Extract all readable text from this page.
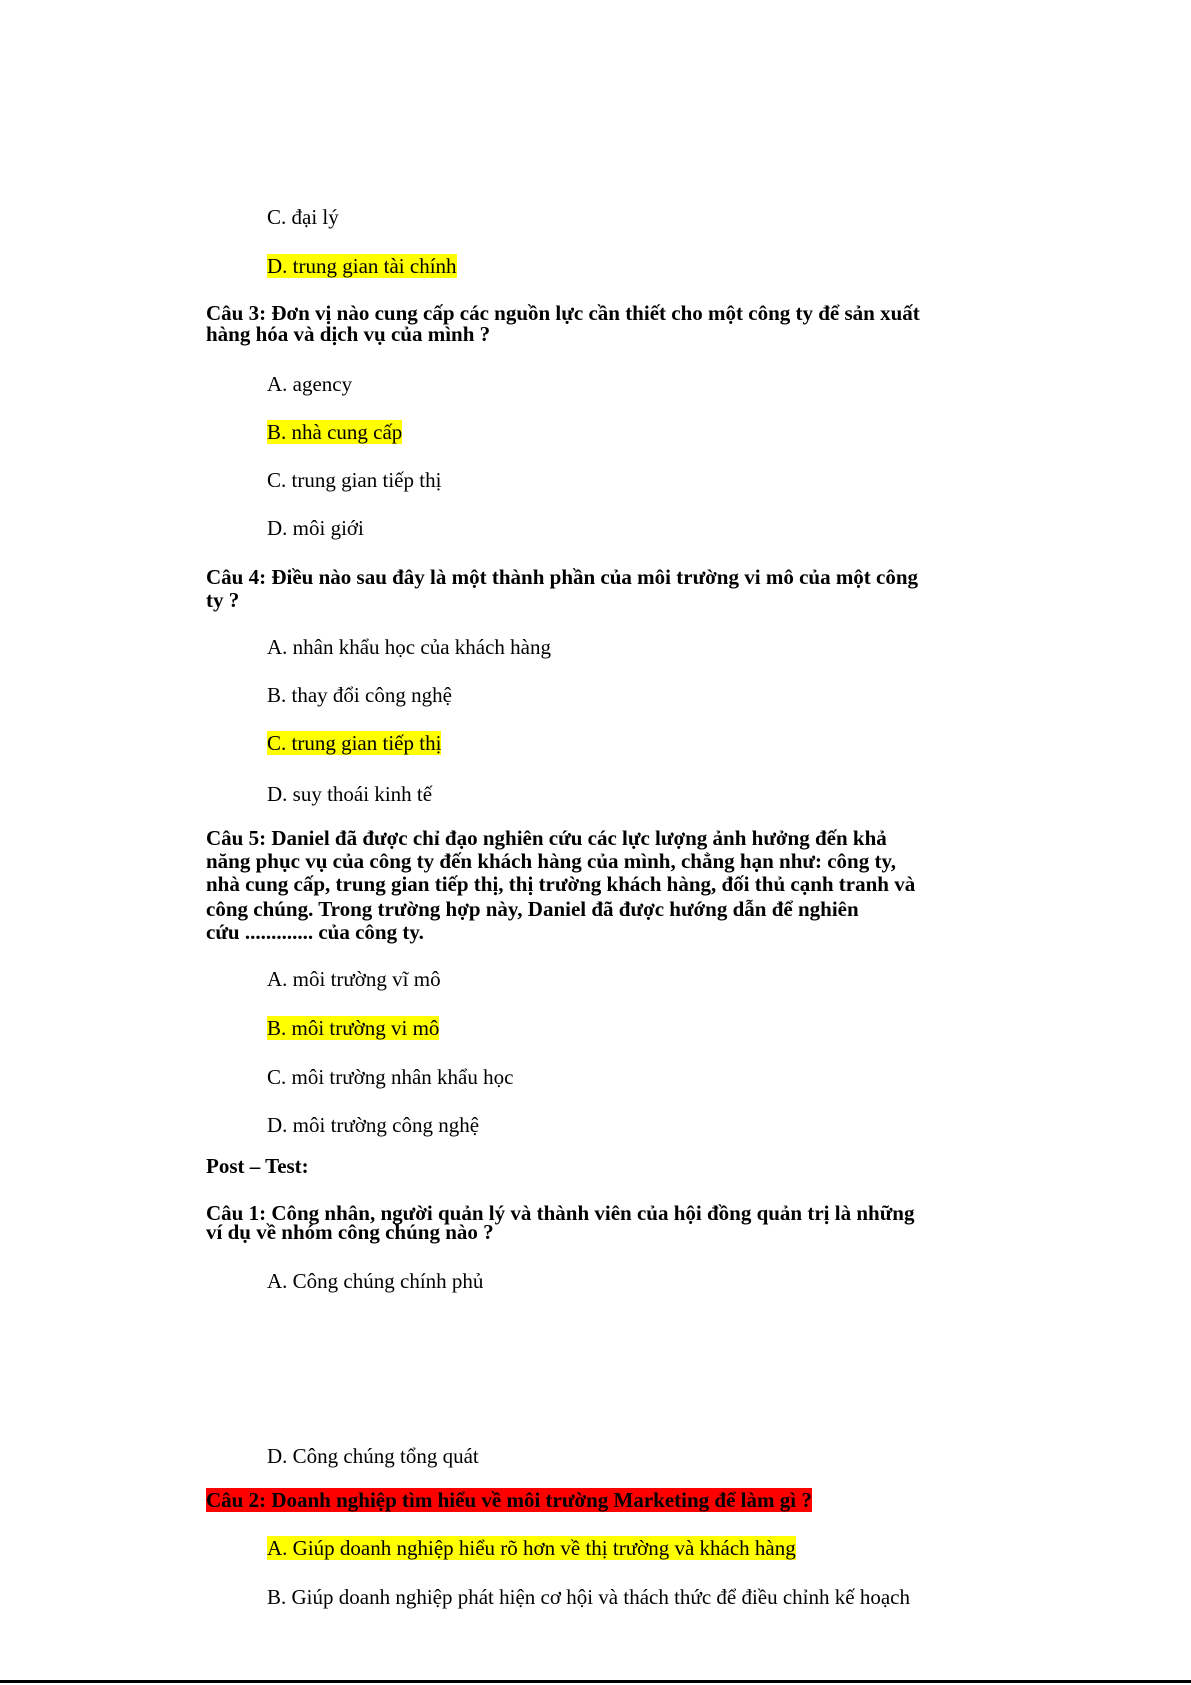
C. đại lý
D. trung gian tài chính
Câu 3: Đơn vị nào cung cấp các nguồn lực cần thiết cho một công ty để sản xuất
hàng hóa và dịch vụ của mình ?
A. agency
B. nhà cung cấp
C. trung gian tiếp thị
D. môi giới
Câu 4: Điều nào sau đây là một thành phần của môi trường vi mô của một công
ty ?
A. nhân khẩu học của khách hàng
B. thay đổi công nghệ
C. trung gian tiếp thị
D. suy thoái kinh tế
Câu 5: Daniel đã được chỉ đạo nghiên cứu các lực lượng ảnh hưởng đến khả
năng phục vụ của công ty đến khách hàng của mình, chẳng hạn như: công ty,
nhà cung cấp, trung gian tiếp thị, thị trường khách hàng, đối thủ cạnh tranh và
công chúng. Trong trường hợp này, Daniel đã được hướng dẫn để nghiên
cứu ............. của công ty.
A. môi trường vĩ mô
B. môi trường vi mô
C. môi trường nhân khẩu học
D. môi trường công nghệ
Post – Test:
Câu 1: Công nhân, người quản lý và thành viên của hội đồng quản trị là những
ví dụ về nhóm công chúng nào ?
A. Công chúng chính phủ
D. Công chúng tổng quát
Câu 2: Doanh nghiệp tìm hiểu về môi trường Marketing để làm gì ?
A. Giúp doanh nghiệp hiểu rõ hơn về thị trường và khách hàng
B. Giúp doanh nghiệp phát hiện cơ hội và thách thức để điều chỉnh kế hoạch
